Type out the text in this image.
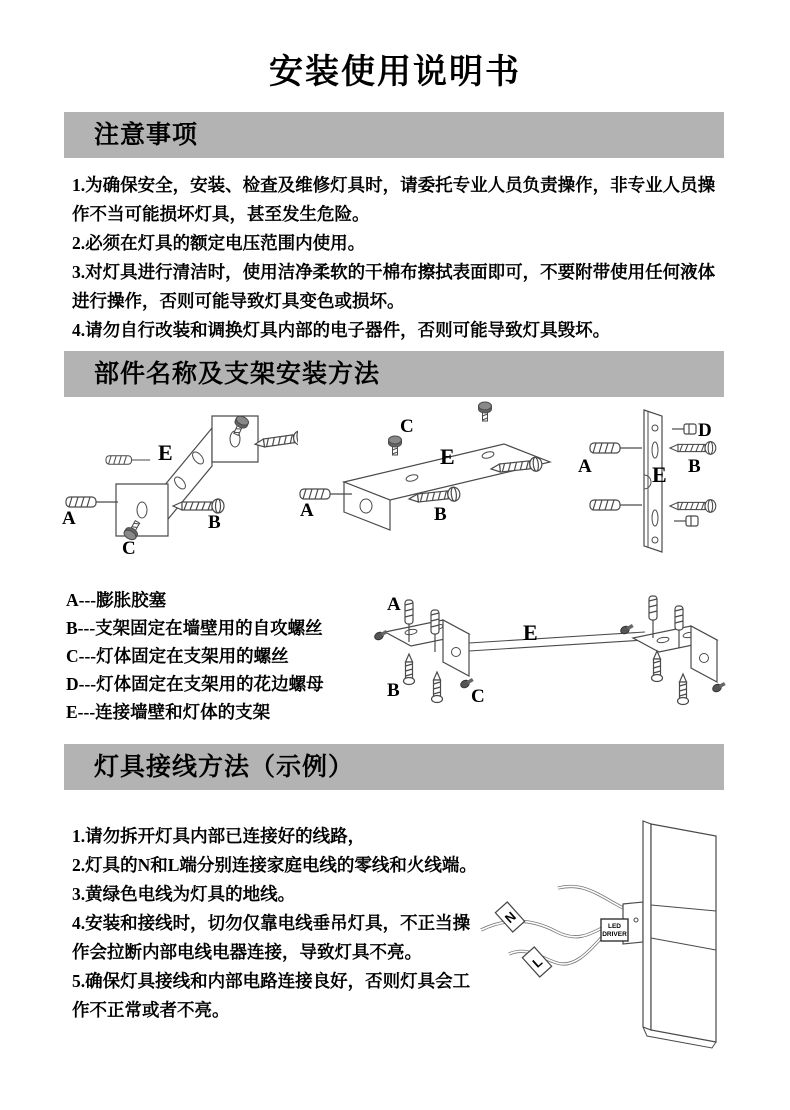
安装使用说明书
注意事项

1.为确保安全，安装、检查及维修灯具时，请委托专业人员负责操作，非专业人员操作不当可能损坏灯具，甚至发生危险。

2.必须在灯具的额定电压范围内使用。

3.对灯具进行清洁时，使用洁净柔软的干棉布擦拭表面即可，不要附带使用任何液体进行操作，否则可能导致灯具变色或损坏。

4.请勿自行改装和调换灯具内部的电子器件，否则可能导致灯具毁坏。

部件名称及支架安装方法
E
A	B
C
C
E
A	B
D
A	B
E

A---膨胀胶塞

B---支架固定在墙壁用的自攻螺丝

C---灯体固定在支架用的螺丝

D---灯体固定在支架用的花边螺母

E---连接墙壁和灯体的支架

A
E
B	C
灯具接线方法（示例）

1.请勿拆开灯具内部已连接好的线路，

2.灯具的N和L端分别连接家庭电线的零线和火线端。

3.黄绿色电线为灯具的地线。

4.安装和接线时，切勿仅靠电线垂吊灯具，不正当操作会拉断内部电线电器连接，导致灯具不亮。

5.确保灯具接线和内部电路连接良好，否则灯具会工作不正常或者不亮。

LED
DRIVER
N
L
